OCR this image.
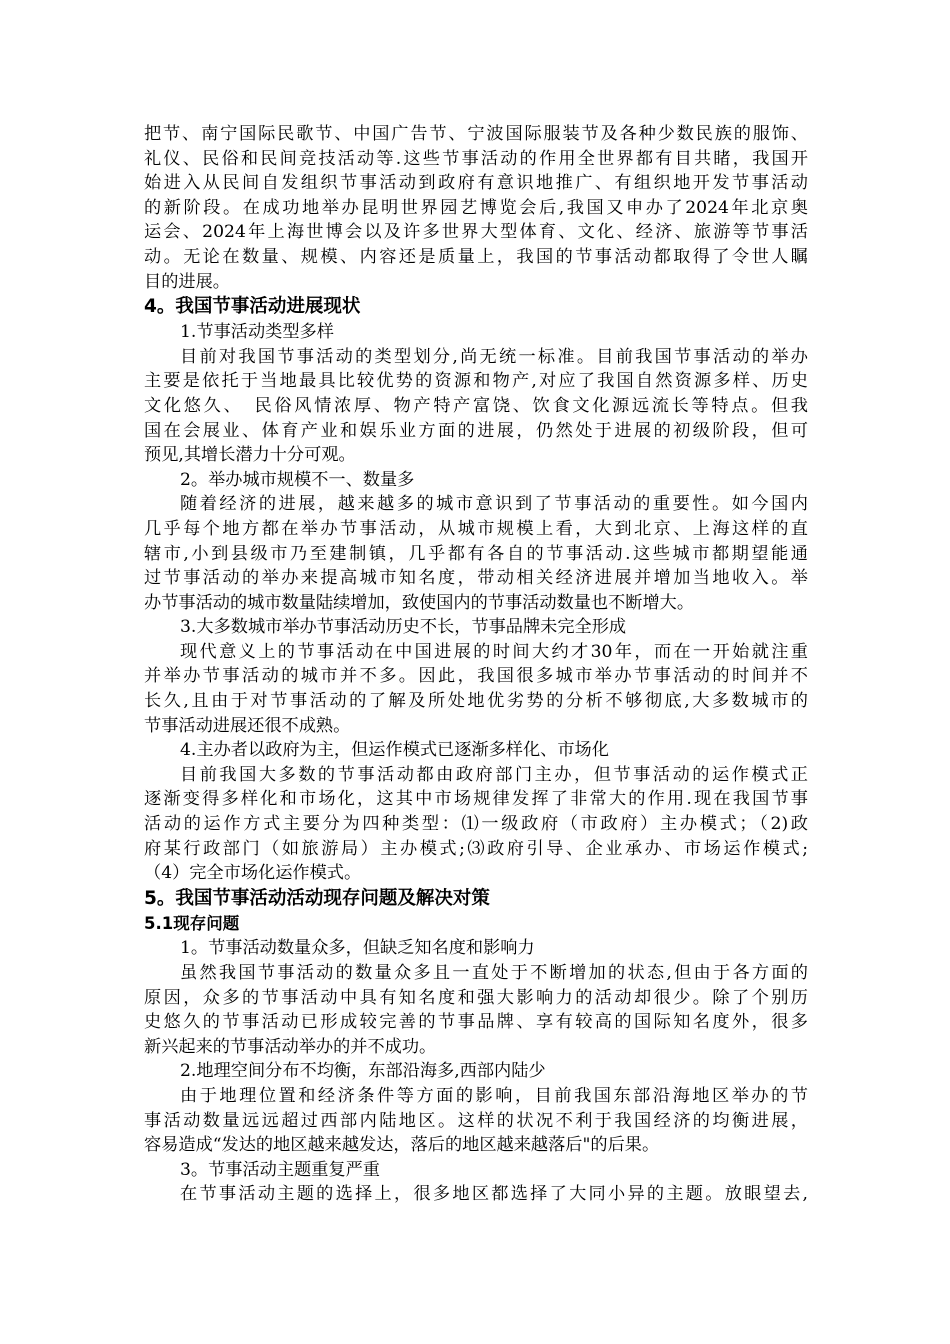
把节、南宁国际民歌节、中国广告节、宁波国际服装节及各种少数民族的服饰、
礼仪、民俗和民间竞技活动等.这些节事活动的作用全世界都有目共睹，我国开
始进入从民间自发组织节事活动到政府有意识地推广、有组织地开发节事活动
的新阶段。在成功地举办昆明世界园艺博览会后,我国又申办了2024年北京奥
运会、2024年上海世博会以及许多世界大型体育、文化、经济、旅游等节事活
动。无论在数量、规模、内容还是质量上，我国的节事活动都取得了令世人瞩
目的进展。
4。我国节事活动进展现状
1.节事活动类型多样
目前对我国节事活动的类型划分,尚无统一标准。目前我国节事活动的举办
主要是依托于当地最具比较优势的资源和物产,对应了我国自然资源多样、历史
文化悠久、　民俗风情浓厚、物产特产富饶、饮食文化源远流长等特点。但我
国在会展业、体育产业和娱乐业方面的进展，仍然处于进展的初级阶段，但可
预见,其增长潜力十分可观。
2。举办城市规模不一、数量多
随着经济的进展，越来越多的城市意识到了节事活动的重要性。如今国内
几乎每个地方都在举办节事活动，从城市规模上看，大到北京、上海这样的直
辖市,小到县级市乃至建制镇，几乎都有各自的节事活动.这些城市都期望能通
过节事活动的举办来提高城市知名度，带动相关经济进展并增加当地收入。举
办节事活动的城市数量陆续增加，致使国内的节事活动数量也不断增大。
3.大多数城市举办节事活动历史不长，节事品牌未完全形成
现代意义上的节事活动在中国进展的时间大约才30年，而在一开始就注重
并举办节事活动的城市并不多。因此，我国很多城市举办节事活动的时间并不
长久,且由于对节事活动的了解及所处地优劣势的分析不够彻底,大多数城市的
节事活动进展还很不成熟。
4.主办者以政府为主，但运作模式已逐渐多样化、市场化
目前我国大多数的节事活动都由政府部门主办，但节事活动的运作模式正
逐渐变得多样化和市场化，这其中市场规律发挥了非常大的作用.现在我国节事
活动的运作方式主要分为四种类型：⑴一级政府（市政府）主办模式；（2)政
府某行政部门（如旅游局）主办模式;⑶政府引导、企业承办、市场运作模式;
（4）完全市场化运作模式。
5。我国节事活动活动现存问题及解决对策
5.1现存问题
1。节事活动数量众多，但缺乏知名度和影响力
虽然我国节事活动的数量众多且一直处于不断增加的状态,但由于各方面的
原因，众多的节事活动中具有知名度和强大影响力的活动却很少。除了个别历
史悠久的节事活动已形成较完善的节事品牌、享有较高的国际知名度外，很多
新兴起来的节事活动举办的并不成功。
2.地理空间分布不均衡，东部沿海多,西部内陆少
由于地理位置和经济条件等方面的影响，目前我国东部沿海地区举办的节
事活动数量远远超过西部内陆地区。这样的状况不利于我国经济的均衡进展，
容易造成“发达的地区越来越发达，落后的地区越来越落后"的后果。
3。节事活动主题重复严重
在节事活动主题的选择上，很多地区都选择了大同小异的主题。放眼望去,
